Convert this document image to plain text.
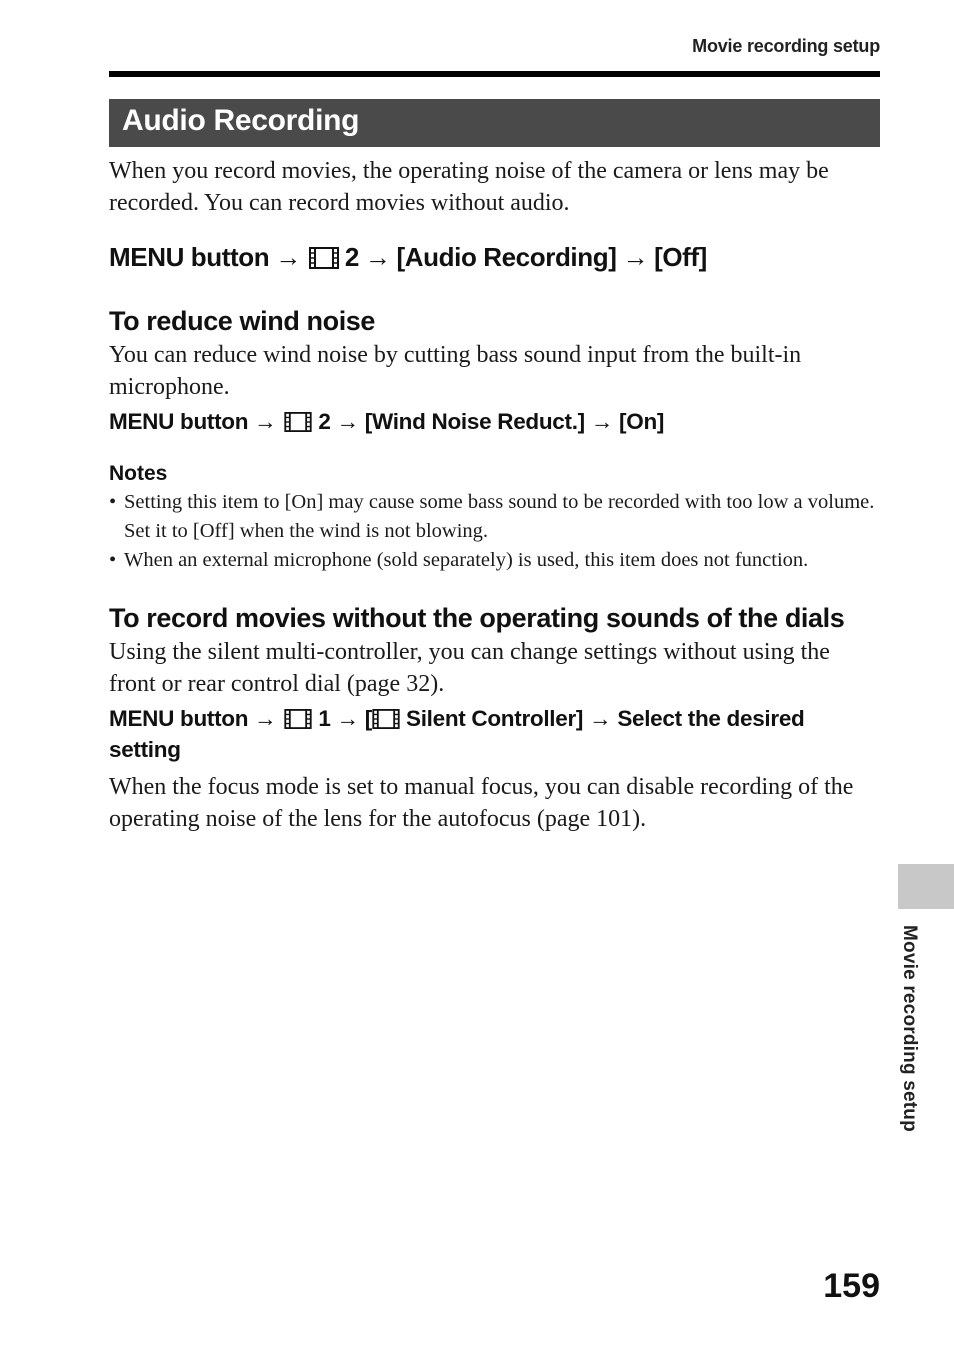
Movie recording setup
Audio Recording

When you record movies, the operating noise of the camera or lens may be recorded. You can record movies without audio.

MENU button → 2 → [Audio Recording] → [Off]

To reduce wind noise

You can reduce wind noise by cutting bass sound input from the built-in microphone.

MENU button → 2 → [Wind Noise Reduct.] → [On]

Notes
• Setting this item to [On] may cause some bass sound to be recorded with too low a volume. Set it to [Off] when the wind is not blowing.
• When an external microphone (sold separately) is used, this item does not function.
To record movies without the operating sounds of the dials

Using the silent multi-controller, you can change settings without using the front or rear control dial (page 32).

MENU button → 1 → [ Silent Controller] → Select the desired setting

When the focus mode is set to manual focus, you can disable recording of the operating noise of the lens for the autofocus (page 101).

Movie recording setup
159
